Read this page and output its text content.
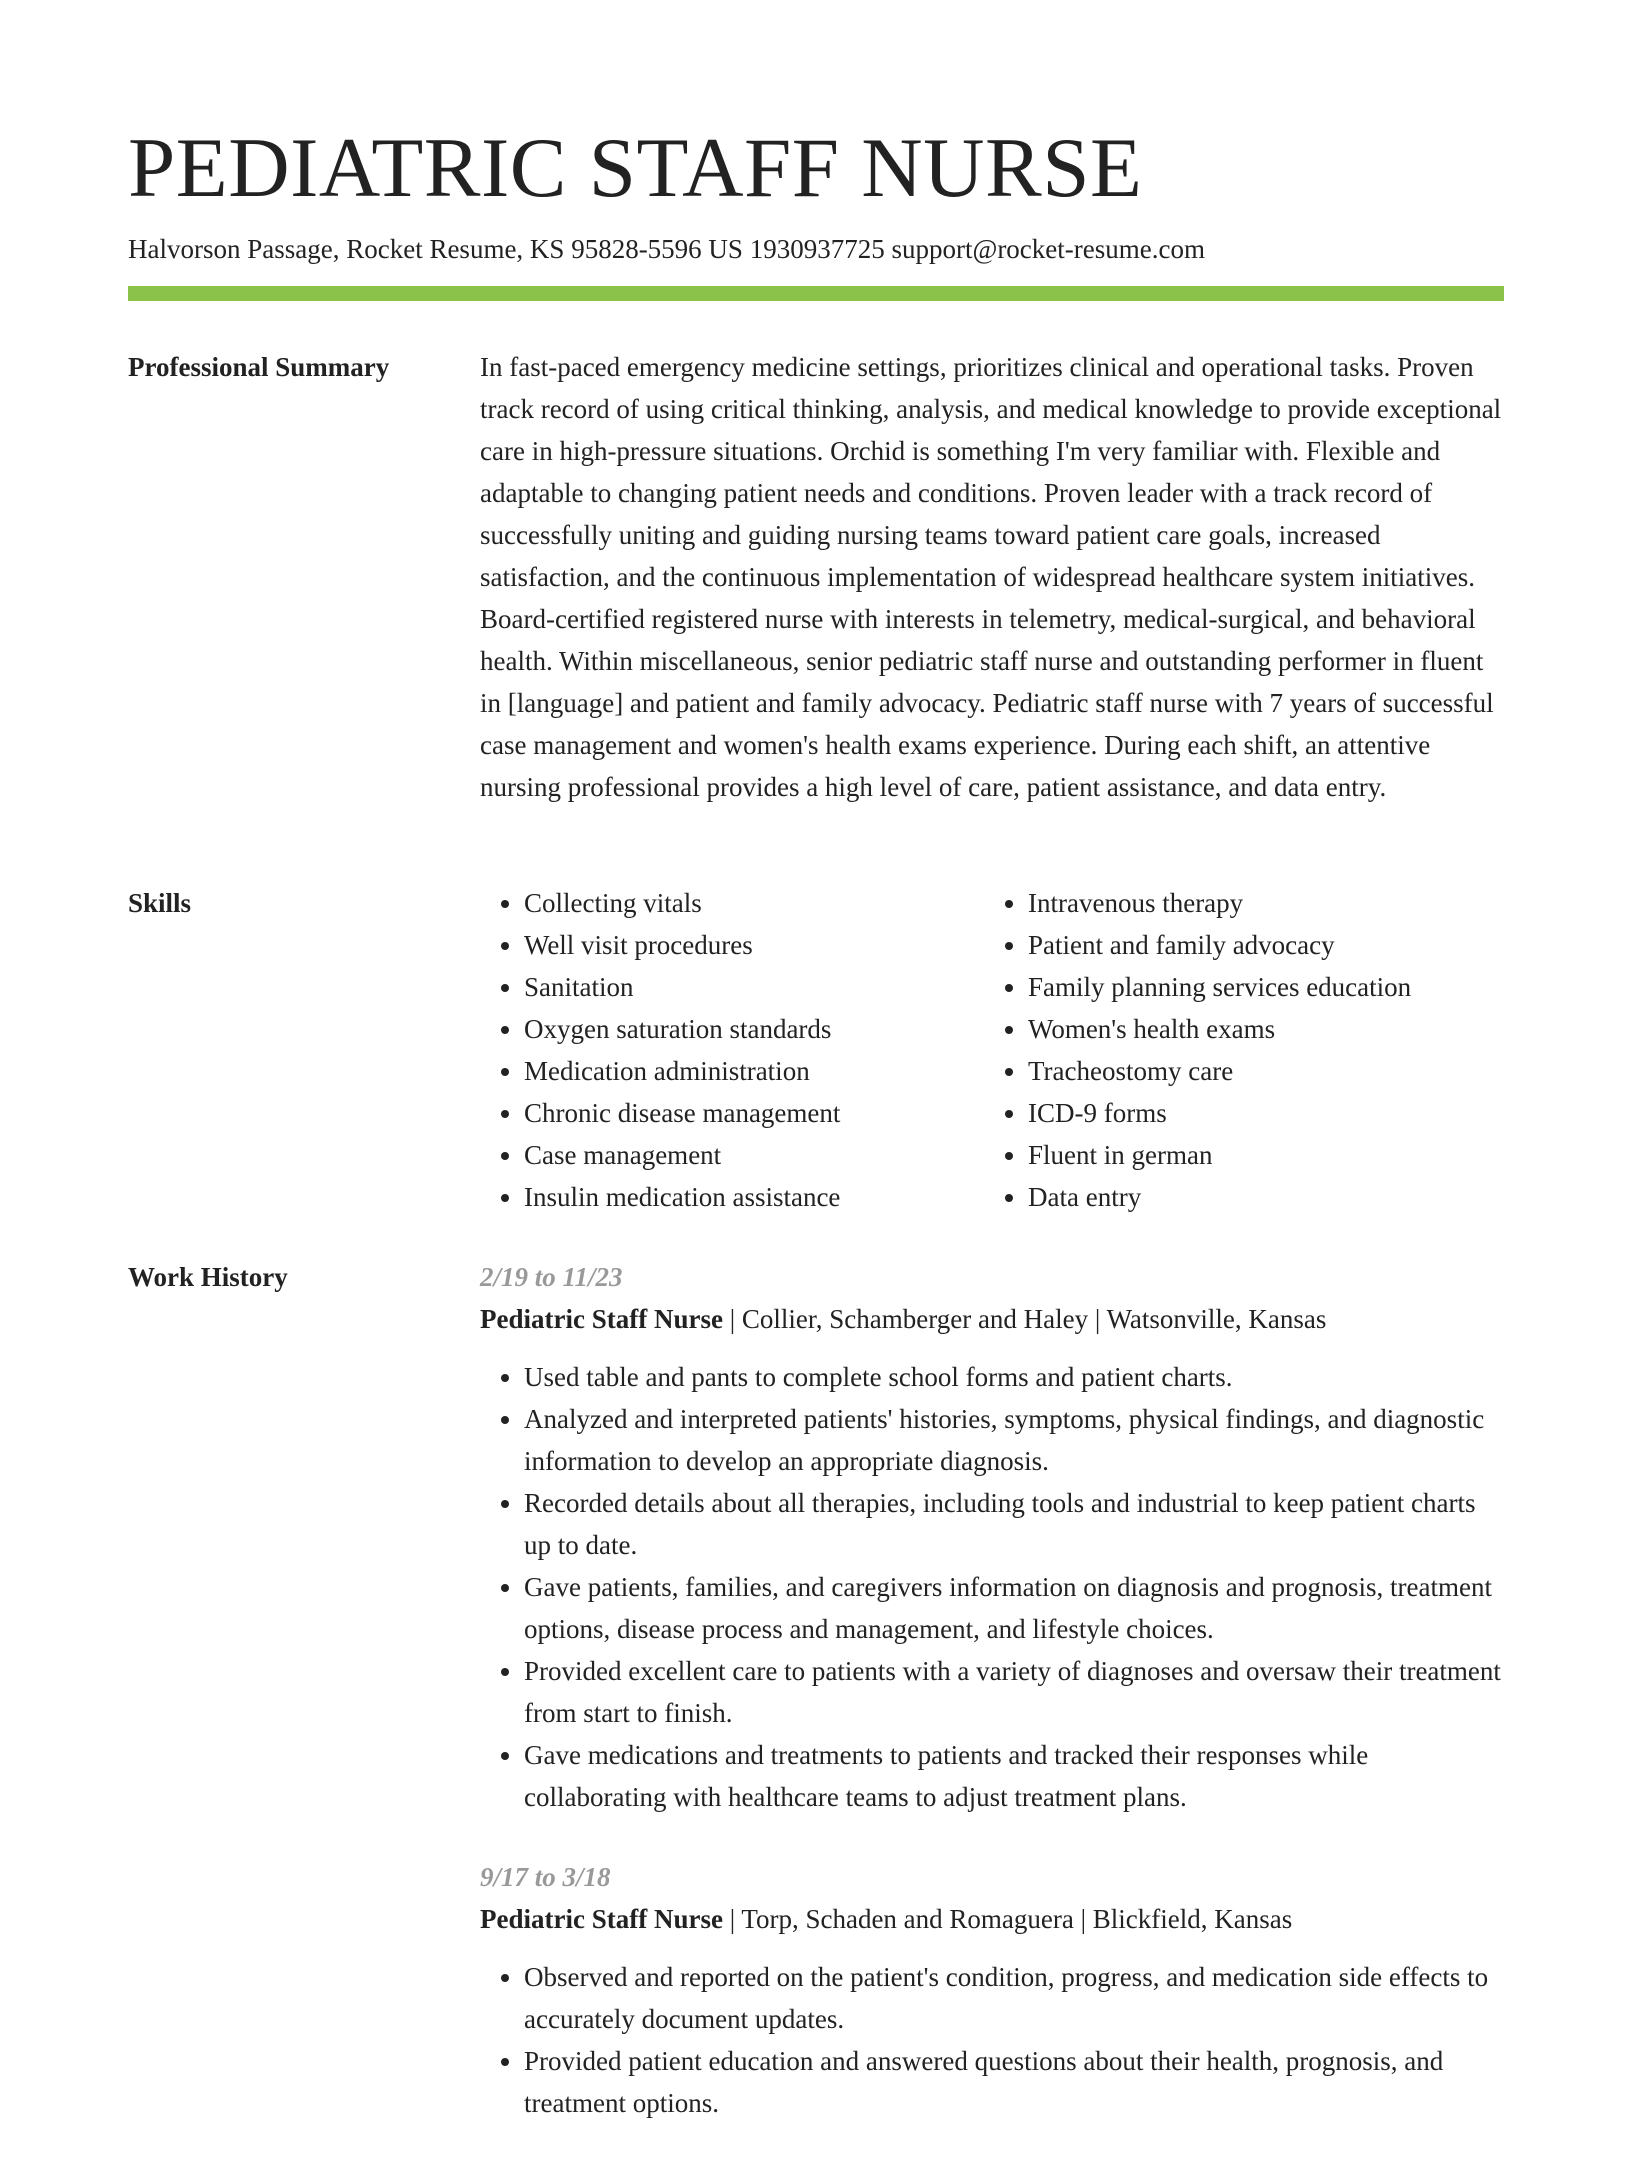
PEDIATRIC STAFF NURSE
Halvorson Passage, Rocket Resume, KS 95828-5596 US 1930937725 support@rocket-resume.com
Professional Summary	In fast-paced emergency medicine settings, prioritizes clinical and operational tasks. Proven track record of using critical thinking, analysis, and medical knowledge to provide exceptional care in high-pressure situations. Orchid is something I'm very familiar with. Flexible and adaptable to changing patient needs and conditions. Proven leader with a track record of successfully uniting and guiding nursing teams toward patient care goals, increased satisfaction, and the continuous implementation of widespread healthcare system initiatives. Board-certified registered nurse with interests in telemetry, medical-surgical, and behavioral health. Within miscellaneous, senior pediatric staff nurse and outstanding performer in fluent in [language] and patient and family advocacy. Pediatric staff nurse with 7 years of successful case management and women's health exams experience. During each shift, an attentive nursing professional provides a high level of care, patient assistance, and data entry.

Skills
•	Collecting vitals
• Well visit procedures
• Sanitation
• Oxygen saturation standards
• Medication administration
• Chronic disease management
• Case management
• Insulin medication assistance
• Intravenous therapy
• Patient and family advocacy
• Family planning services education
• Women's health exams
• Tracheostomy care
• ICD-9 forms
• Fluent in german
• Data entry
Work History	2/19 to 11/23
Pediatric Staff Nurse | Collier, Schamberger and Haley | Watsonville, Kansas
• Used table and pants to complete school forms and patient charts.
• Analyzed and interpreted patients' histories, symptoms, physical findings, and diagnostic information to develop an appropriate diagnosis.
• Recorded details about all therapies, including tools and industrial to keep patient charts up to date.
• Gave patients, families, and caregivers information on diagnosis and prognosis, treatment options, disease process and management, and lifestyle choices.
• Provided excellent care to patients with a variety of diagnoses and oversaw their treatment from start to finish.
• Gave medications and treatments to patients and tracked their responses while collaborating with healthcare teams to adjust treatment plans.
9/17 to 3/18
Pediatric Staff Nurse | Torp, Schaden and Romaguera | Blickfield, Kansas
• Observed and reported on the patient's condition, progress, and medication side effects to accurately document updates.
• Provided patient education and answered questions about their health, prognosis, and treatment options.
